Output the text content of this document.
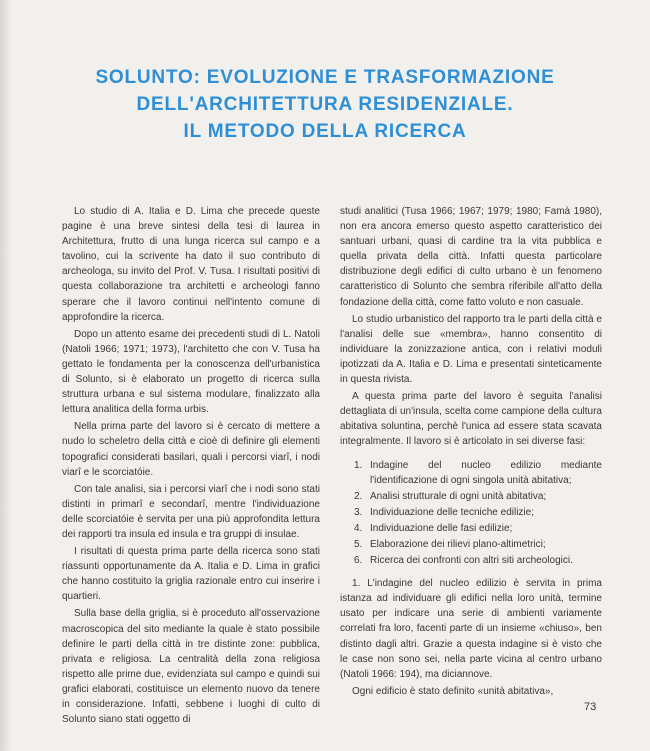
SOLUNTO: EVOLUZIONE E TRASFORMAZIONE
DELL'ARCHITETTURA RESIDENZIALE.
IL METODO DELLA RICERCA

Lo studio di A. Italia e D. Lima che precede queste pagine è una breve sintesi della tesi di laurea in Architettura, frutto di una lunga ricerca sul campo e a tavolino, cui la scrivente ha dato il suo contributo di archeologa, su invito del Prof. V. Tusa. I risultati positivi di questa collaborazione tra architetti e archeologi fanno sperare che il lavoro continui nell'intento comune di approfondire la ricerca.

Dopo un attento esame dei precedenti studi di L. Natoli (Natoli 1966; 1971; 1973), l'architetto che con V. Tusa ha gettato le fondamenta per la conoscenza dell'urbanistica di Solunto, si è elaborato un progetto di ricerca sulla struttura urbana e sul sistema modulare, finalizzato alla lettura analitica della forma urbis.

Nella prima parte del lavoro si è cercato di mettere a nudo lo scheletro della città e cioè di definire gli elementi topografici considerati basilari, quali i percorsi viarî, i nodi viarî e le scorciatóie.

Con tale analisi, sia i percorsi viarî che i nodi sono stati distinti in primarî e secondarî, mentre l'individuazione delle scorciatóie è servita per una più approfondita lettura dei rapporti tra insula ed insula e tra gruppi di insulae.

I risultati di questa prima parte della ricerca sono stati riassunti opportunamente da A. Italia e D. Lima in grafici che hanno costituito la griglia razionale entro cui inserire i quartieri.

Sulla base della griglia, si è proceduto all'osservazione macroscopica del sito mediante la quale è stato possibile definire le parti della città in tre distinte zone: pubblica, privata e religiosa. La centralità della zona religiosa rispetto alle prime due, evidenziata sul campo e quindi sui grafici elaborati, costituisce un elemento nuovo da tenere in considerazione. Infatti, sebbene i luoghi di culto di Solunto siano stati oggetto di

studi analitici (Tusa 1966; 1967; 1979; 1980; Famà 1980), non era ancora emerso questo aspetto caratteristico dei santuari urbani, quasi di cardine tra la vita pubblica e quella privata della città. Infatti questa particolare distribuzione degli edifici di culto urbano è un fenomeno caratteristico di Solunto che sembra riferibile all'atto della fondazione della città, come fatto voluto e non casuale.

Lo studio urbanistico del rapporto tra le parti della città e l'analisi delle sue «membra», hanno consentito di individuare la zonizzazione antica, con i relativi moduli ipotizzati da A. Italia e D. Lima e presentati sinteticamente in questa rivista.

A questa prima parte del lavoro è seguita l'analisi dettagliata di un'insula, scelta come campione della cultura abitativa soluntina, perchè l'unica ad essere stata scavata integralmente. Il lavoro si è articolato in sei diverse fasi:

1. Indagine del nucleo edilizio mediante l'identificazione di ogni singola unità abitativa;
2. Analisi strutturale di ogni unità abitativa;
3. Individuazione delle tecniche edilizie;
4. Individuazione delle fasi edilizie;
5. Elaborazione dei rilievi plano-altimetrici;
6. Ricerca dei confronti con altri siti archeologici.

1. L'indagine del nucleo edilizio è servita in prima istanza ad individuare gli edifici nella loro unità, termine usato per indicare una serie di ambienti variamente correlati fra loro, facenti parte di un insieme «chiuso», ben distinto dagli altri. Grazie a questa indagine si è visto che le case non sono sei, nella parte vicina al centro urbano (Natoli 1966: 194), ma diciannove.

Ogni edificio è stato definito «unità abitativa»,

73
